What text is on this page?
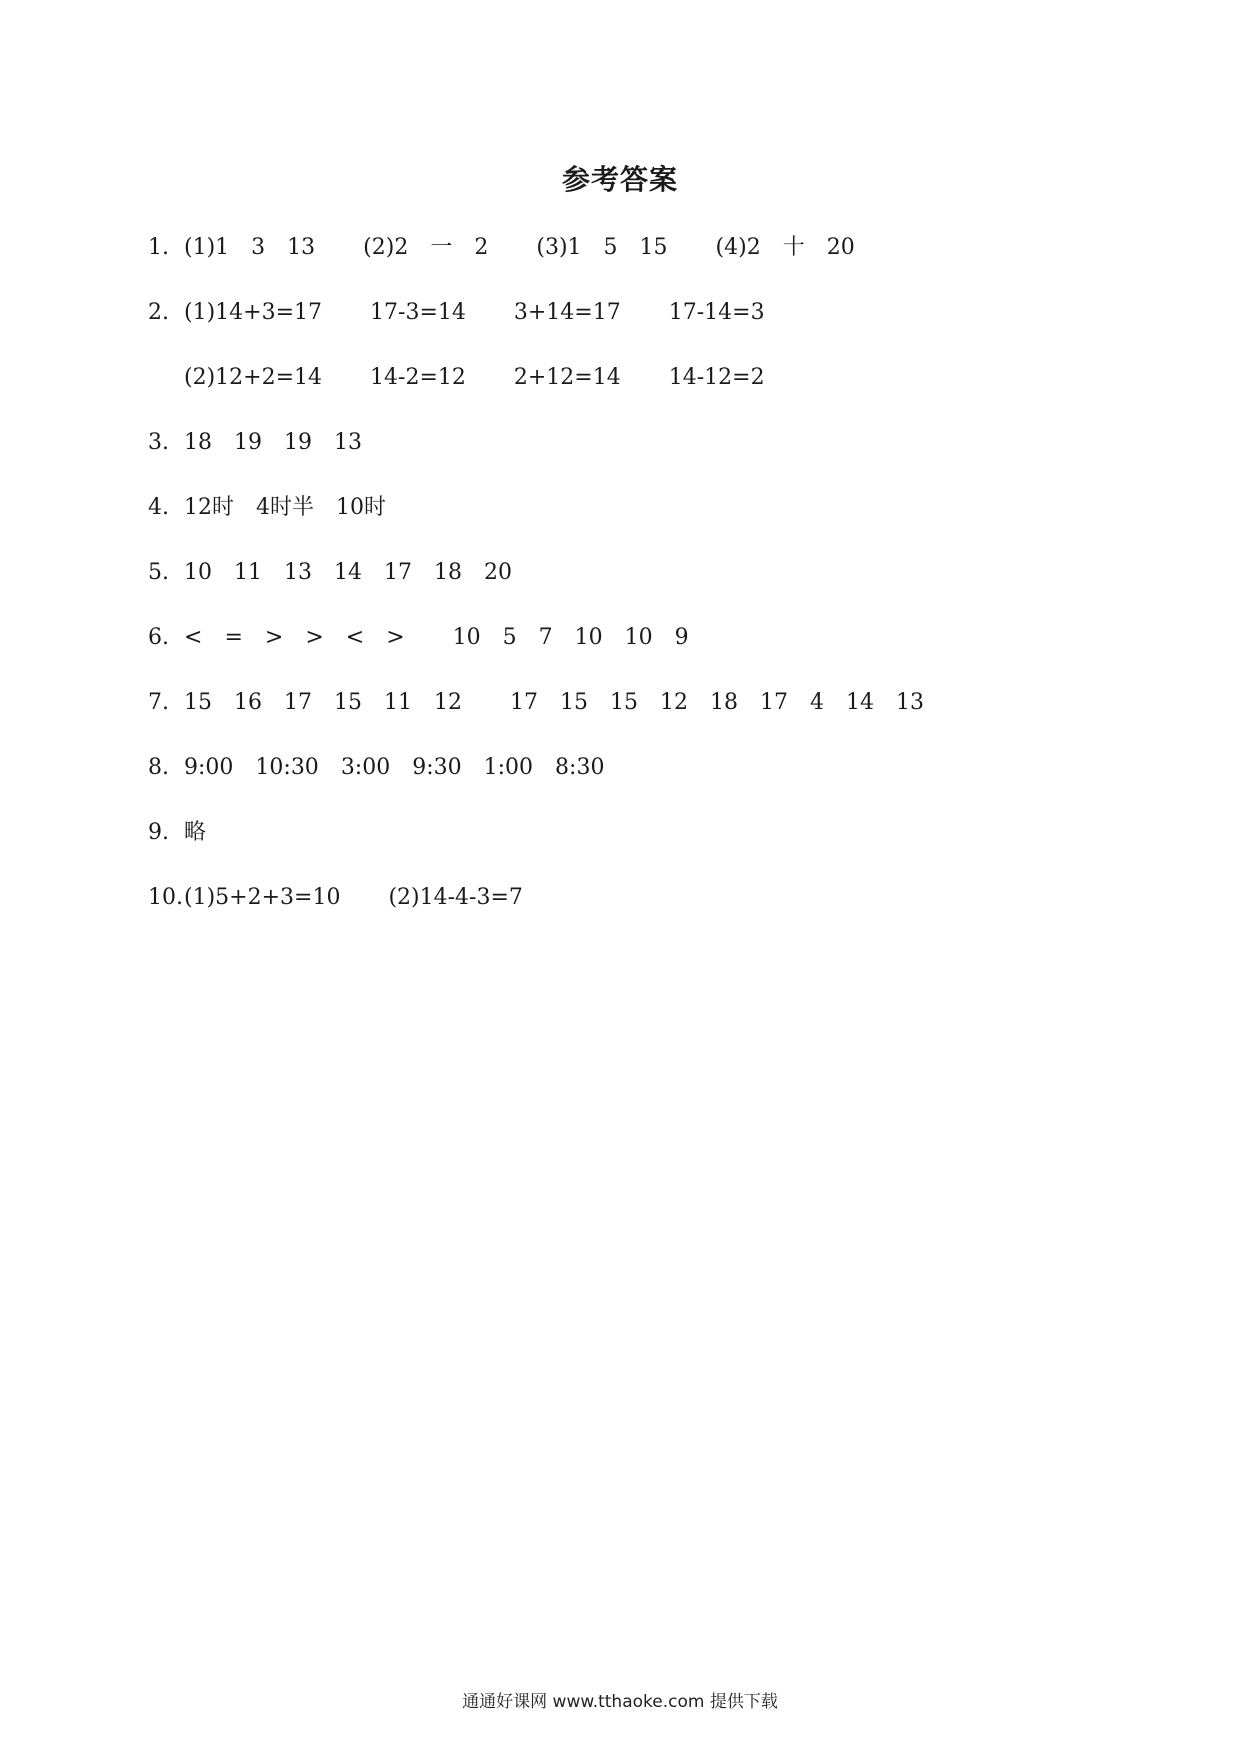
参考答案
1. (1)1 3 13 (2)2 一 2 (3)1 5 15 (4)2 十 20
2. (1)14+3=17 17-3=14 3+14=17 17-14=3
(2)12+2=14 14-2=12 2+12=14 14-12=2
3. 18 19 19 13
4. 12时 4时半 10时
5. 10 11 13 14 17 18 20
6. < = > > < > 10 5 7 10 10 9
7. 15 16 17 15 11 12 17 15 15 12 18 17 4 14 13
8. 9:00 10:30 3:00 9:30 1:00 8:30
9. 略
10. (1)5+2+3=10 (2)14-4-3=7
通通好课网 www.tthaoke.com 提供下载
